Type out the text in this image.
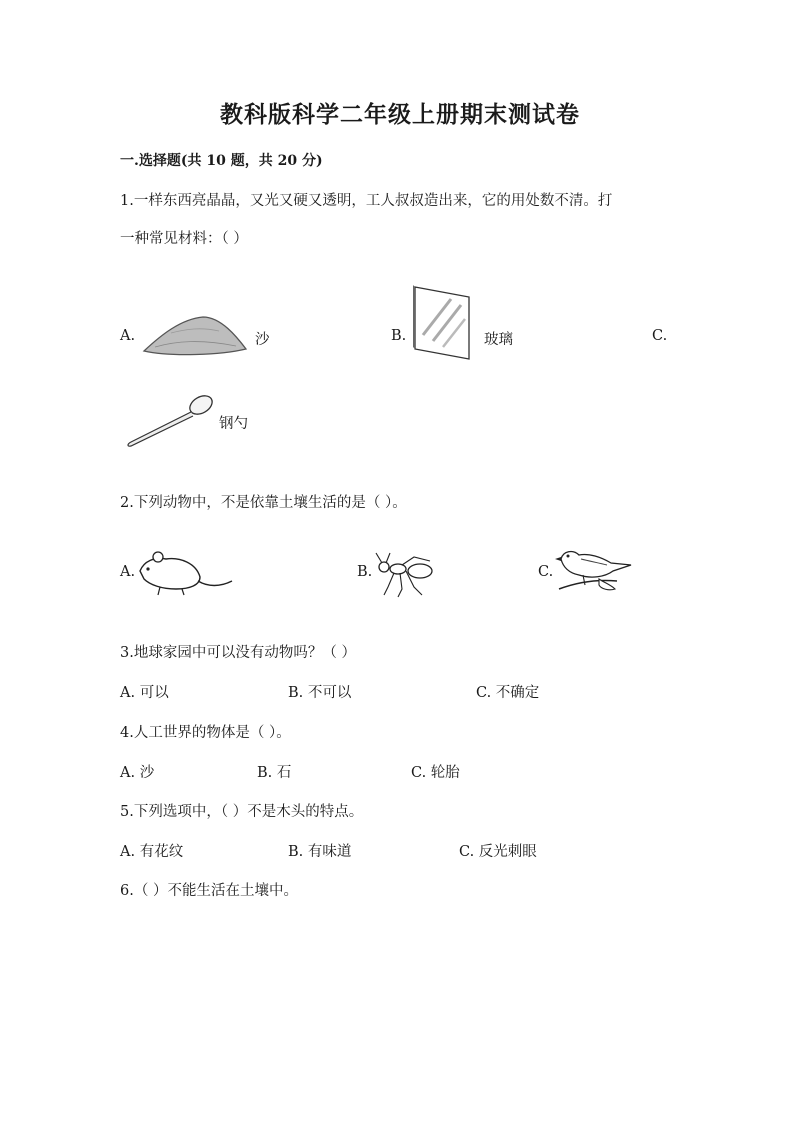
教科版科学二年级上册期末测试卷
一.选择题(共 10 题，共 20 分)
1.一样东西亮晶晶，又光又硬又透明，工人叔叔造出来，它的用处数不清。打
一种常见材料：（ ）
A.	沙	B.	玻璃	C.
钢勺
2.下列动物中，不是依靠土壤生活的是（ ）。
A.	B.	C.
3.地球家园中可以没有动物吗？（ ）
A. 可以	B. 不可以	C. 不确定
4.人工世界的物体是（ ）。
A. 沙	B. 石	C. 轮胎
5.下列选项中，（ ）不是木头的特点。
A. 有花纹	B. 有味道	C. 反光刺眼
6.（ ）不能生活在土壤中。
